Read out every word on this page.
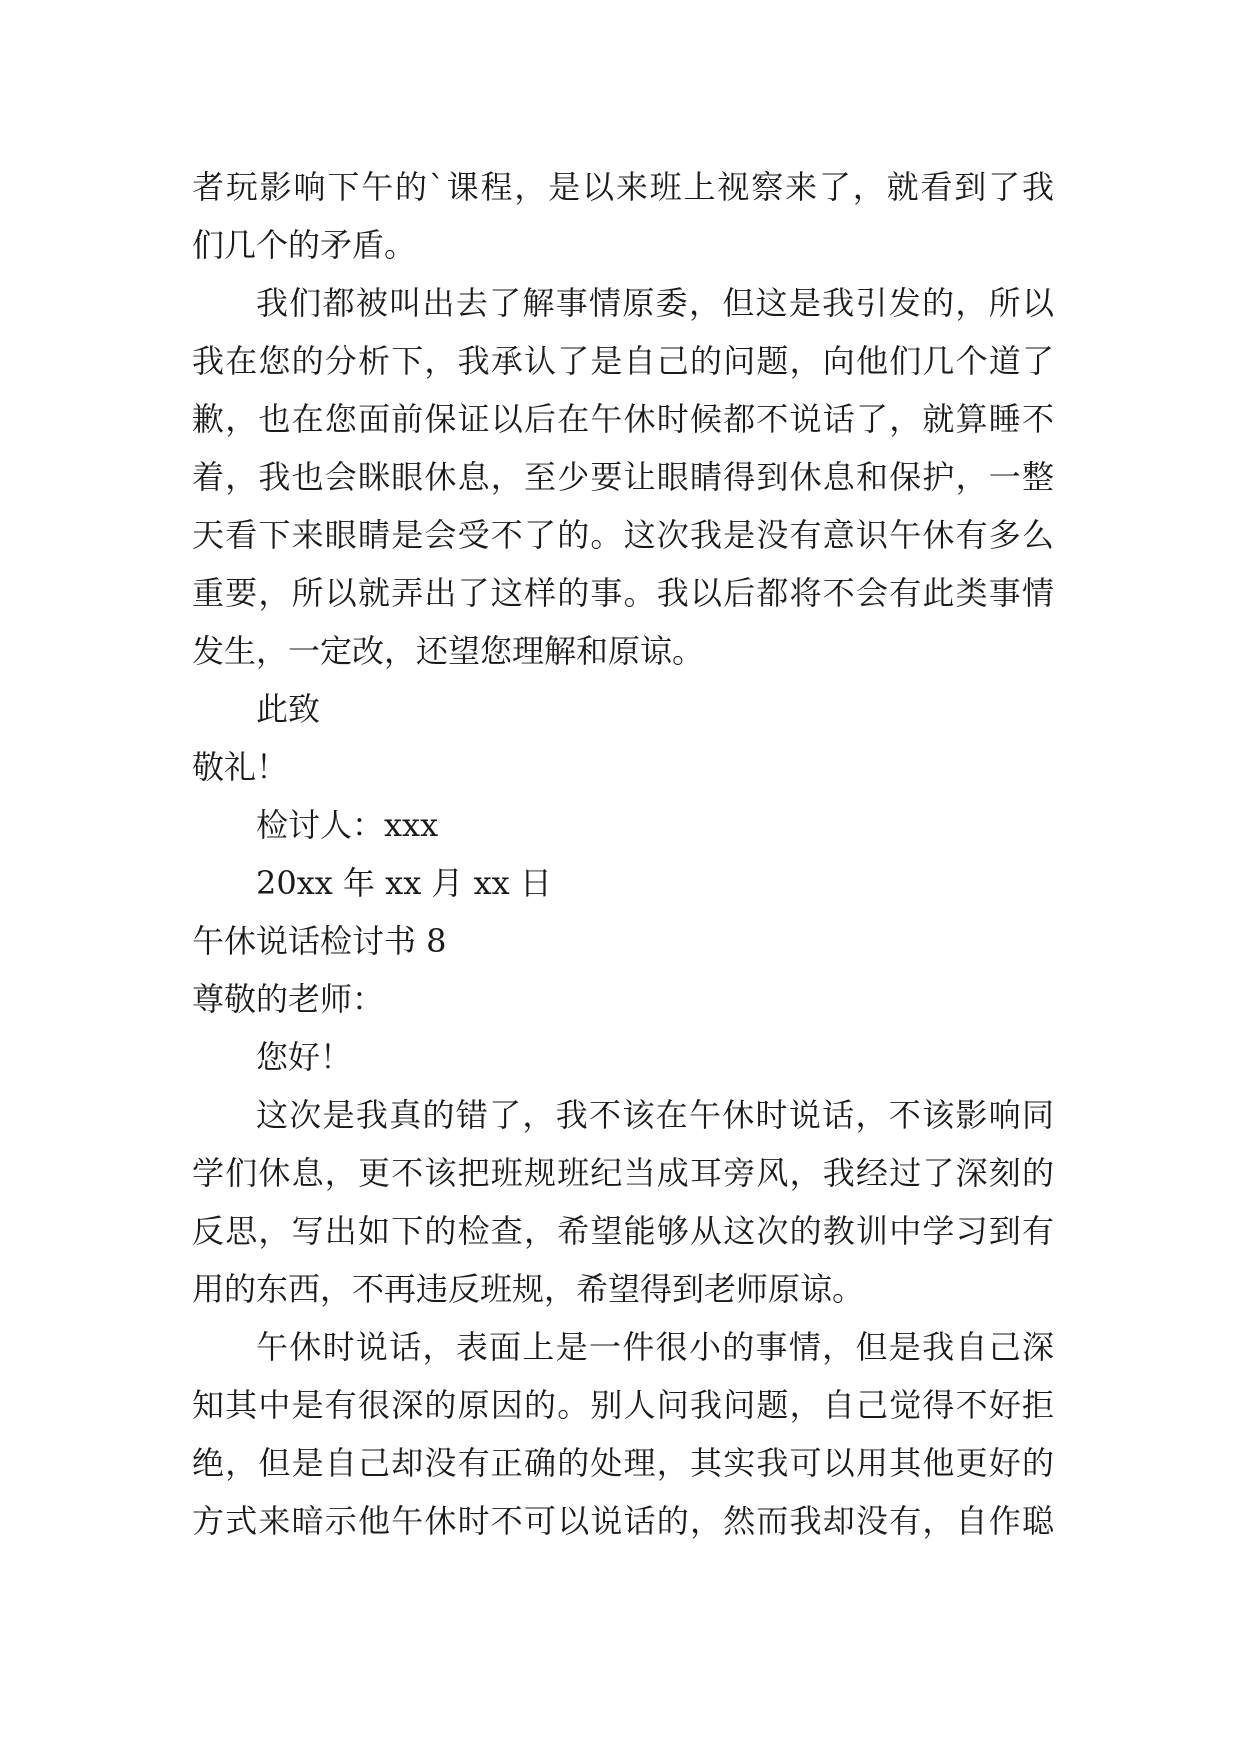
者玩影响下午的`课程，是以来班上视察来了，就看到了我
们几个的矛盾。
我们都被叫出去了解事情原委，但这是我引发的，所以
我在您的分析下，我承认了是自己的问题，向他们几个道了
歉，也在您面前保证以后在午休时候都不说话了，就算睡不
着，我也会眯眼休息，至少要让眼睛得到休息和保护，一整
天看下来眼睛是会受不了的。这次我是没有意识午休有多么
重要，所以就弄出了这样的事。我以后都将不会有此类事情
发生，一定改，还望您理解和原谅。
此致
敬礼！
检讨人：xxx
20xx 年 xx 月 xx 日
午休说话检讨书 8
尊敬的老师：
您好！
这次是我真的错了，我不该在午休时说话，不该影响同
学们休息，更不该把班规班纪当成耳旁风，我经过了深刻的
反思，写出如下的检查，希望能够从这次的教训中学习到有
用的东西，不再违反班规，希望得到老师原谅。
午休时说话，表面上是一件很小的事情，但是我自己深
知其中是有很深的原因的。别人问我问题，自己觉得不好拒
绝，但是自己却没有正确的处理，其实我可以用其他更好的
方式来暗示他午休时不可以说话的，然而我却没有，自作聪
